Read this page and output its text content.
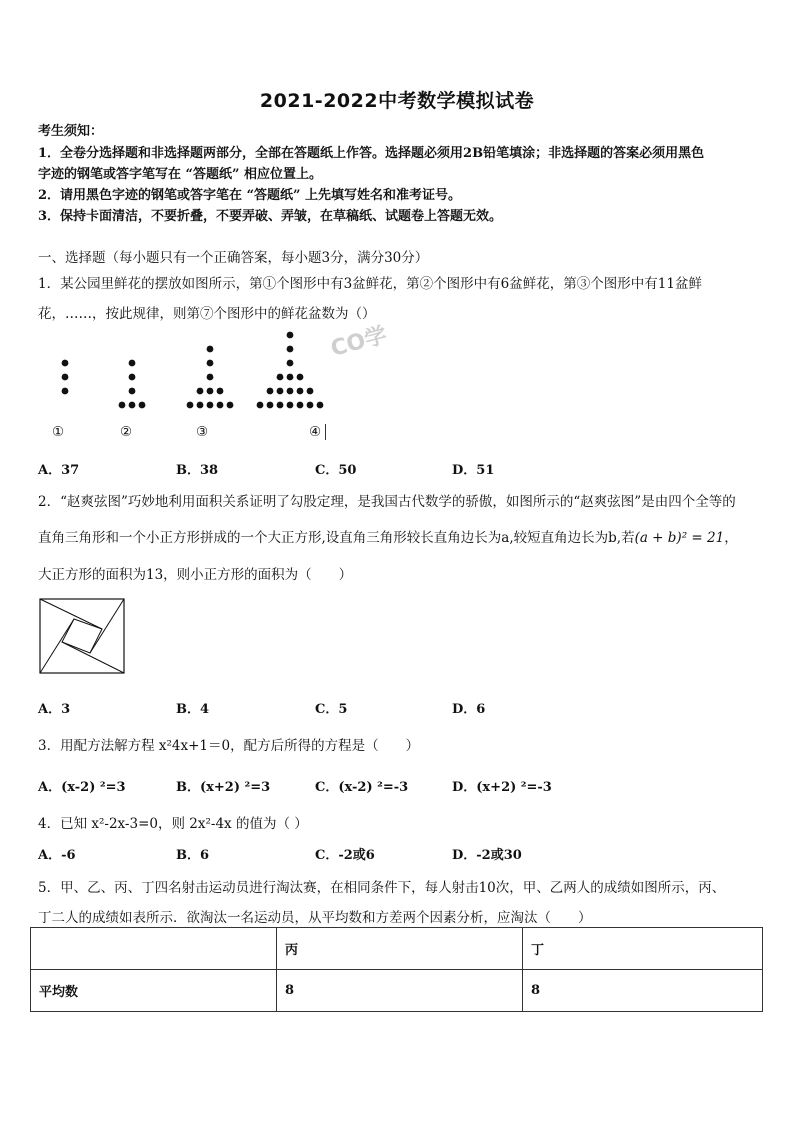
2021-2022中考数学模拟试卷
考生须知：
1．全卷分选择题和非选择题两部分，全部在答题纸上作答。选择题必须用2B铅笔填涂；非选择题的答案必须用黑色
字迹的钢笔或答字笔写在 “答题纸” 相应位置上。
2．请用黑色字迹的钢笔或答字笔在 “答题纸” 上先填写姓名和准考证号。
3．保持卡面清洁，不要折叠，不要弄破、弄皱，在草稿纸、试题卷上答题无效。
一、选择题（每小题只有一个正确答案，每小题3分，满分30分）
1．某公园里鲜花的摆放如图所示，第①个图形中有3盆鲜花，第②个图形中有6盆鲜花，第③个图形中有11盆鲜
花，……，按此规律，则第⑦个图形中的鲜花盆数为（）
①	②	③	④
A．37	B．38	C．50	D．51
2．“赵爽弦图”巧妙地利用面积关系证明了勾股定理，是我国古代数学的骄傲，如图所示的“赵爽弦图”是由四个全等的
直角三角形和一个小正方形拼成的一个大正方形,设直角三角形较长直角边长为a,较短直角边长为b,若(a + b)² = 21，
大正方形的面积为13，则小正方形的面积为（　　）
A．3	B．4	C．5	D．6
3．用配方法解方程 x²4x+1＝0，配方后所得的方程是（　　）
A．(x-2) ²=3	B．(x+2) ²=3	C．(x-2) ²=-3	D．(x+2) ²=-3
4．已知 x²-2x-3=0，则 2x²-4x 的值为（ ）
A．-6	B．6	C．-2或6	D．-2或30
5．甲、乙、丙、丁四名射击运动员进行淘汰赛，在相同条件下，每人射击10次，甲、乙两人的成绩如图所示，丙、
丁二人的成绩如表所示．欲淘汰一名运动员，从平均数和方差两个因素分析，应淘汰（　　）
	丙	丁
平均数	8	8
CO学
